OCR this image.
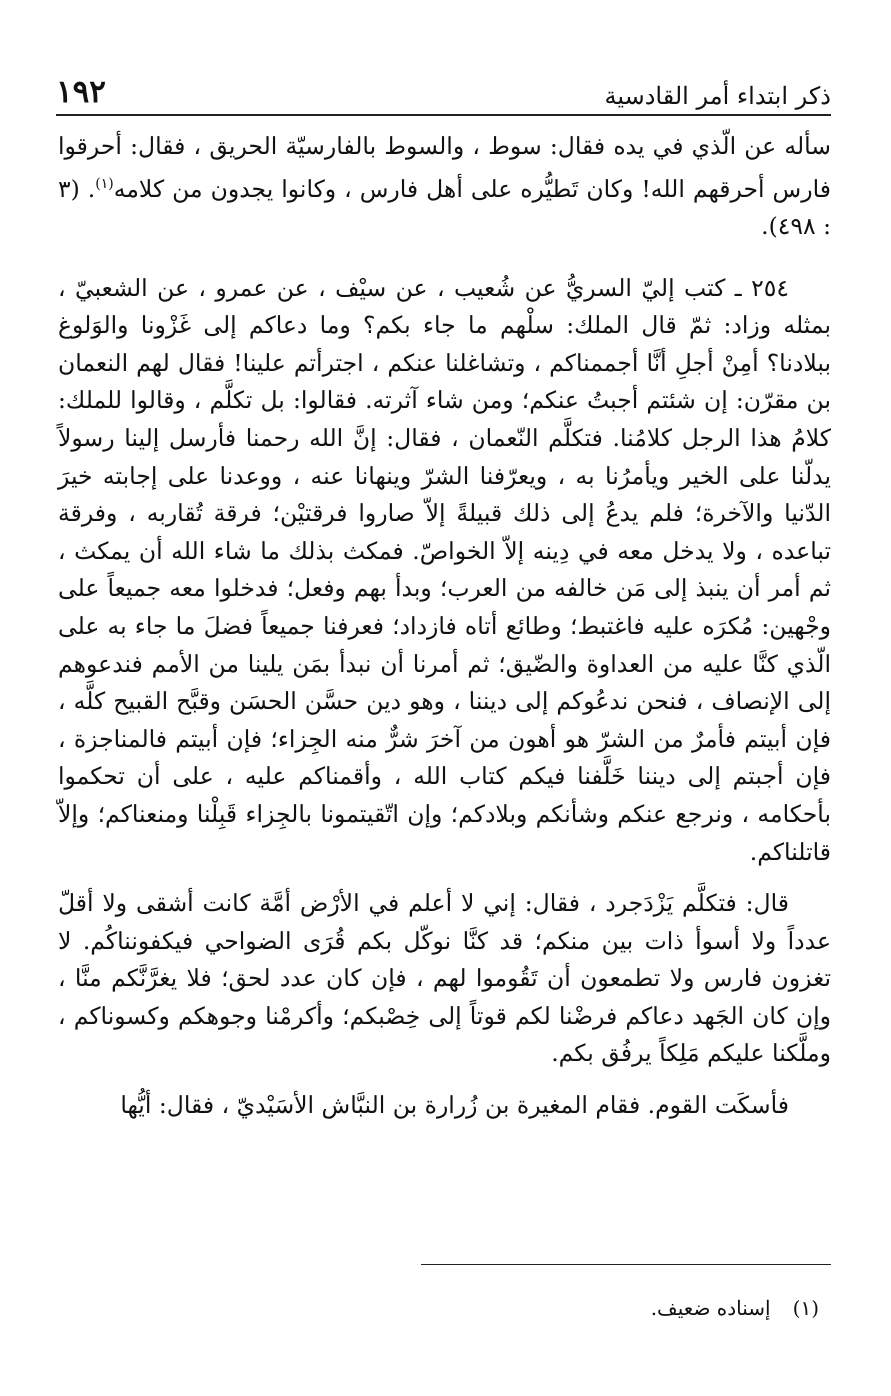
١٩٢	ذكر ابتداء أمر القادسية

سأله عن الّذي في يده فقال: سوط ، والسوط بالفارسيّة الحريق ، فقال: أحرقوا فارس أحرقهم الله! وكان تَطيُّره على أهل فارس ، وكانوا يجدون من كلامه$^{(١)}$. (٣ : ٤٩٨).

٢٥٤ ـ كتب إليّ السريُّ عن شُعيب ، عن سيْف ، عن عمرو ، عن الشعبيّ ، بمثله وزاد: ثمّ قال الملك: سلْهم ما جاء بكم؟ وما دعاكم إلى غَزْونا والوَلوغ ببلادنا؟ أمِنْ أجلِ أنَّا أجممناكم ، وتشاغلنا عنكم ، اجترأتم علينا! فقال لهم النعمان بن مقرّن: إن شئتم أجبتُ عنكم؛ ومن شاء آثرته. فقالوا: بل تكلَّم ، وقالوا للملك: كلامُ هذا الرجل كلامُنا. فتكلَّم النّعمان ، فقال: إنَّ الله رحمنا فأرسل إلينا رسولاً يدلّنا على الخير ويأمرُنا به ، ويعرّفنا الشرّ وينهانا عنه ، ووعدنا على إجابته خيرَ الدّنيا والآخرة؛ فلم يدعُ إلى ذلك قبيلةً إلاّ صاروا فرقتيْن؛ فرقة تُقاربه ، وفرقة تباعده ، ولا يدخل معه في دِينه إلاّ الخواصّ. فمكث بذلك ما شاء الله أن يمكث ، ثم أمر أن ينبذ إلى مَن خالفه من العرب؛ وبدأ بهم وفعل؛ فدخلوا معه جميعاً على وجْهين: مُكرَه عليه فاغتبط؛ وطائع أتاه فازداد؛ فعرفنا جميعاً فضلَ ما جاء به على الّذي كنَّا عليه من العداوة والضّيق؛ ثم أمرنا أن نبدأ بمَن يلينا من الأمم فندعوهم إلى الإنصاف ، فنحن ندعُوكم إلى ديننا ، وهو دين حسَّن الحسَن وقبَّح القبيح كلَّه ، فإن أبيتم فأمرٌ من الشرّ هو أهون من آخرَ شرٌّ منه الجِزاء؛ فإن أبيتم فالمناجزة ، فإن أجبتم إلى ديننا خَلَّفنا فيكم كتاب الله ، وأقمناكم عليه ، على أن تحكموا بأحكامه ، ونرجع عنكم وشأنكم وبلادكم؛ وإن اتّقيتمونا بالجِزاء قَبِلْنا ومنعناكم؛ وإلاّ قاتلناكم.

قال: فتكلَّم يَزْدَجرد ، فقال: إني لا أعلم في الأرْض أمَّة كانت أشقى ولا أقلّ عدداً ولا أسوأ ذات بين منكم؛ قد كنَّا نوكّل بكم قُرَى الضواحي فيكفونناكُم. لا تغزون فارس ولا تطمعون أن تَقُوموا لهم ، فإن كان عدد لحق؛ فلا يغرَّنَّكم منَّا ، وإن كان الجَهد دعاكم فرضْنا لكم قوتاً إلى خِصْبكم؛ وأكرمْنا وجوهكم وكسوناكم ، وملَّكنا عليكم مَلِكاً يرفُق بكم.

فأسكَت القوم. فقام المغيرة بن زُرارة بن النبَّاش الأسَيْديّ ، فقال: أيُّها

(١)إسناده ضعيف.
